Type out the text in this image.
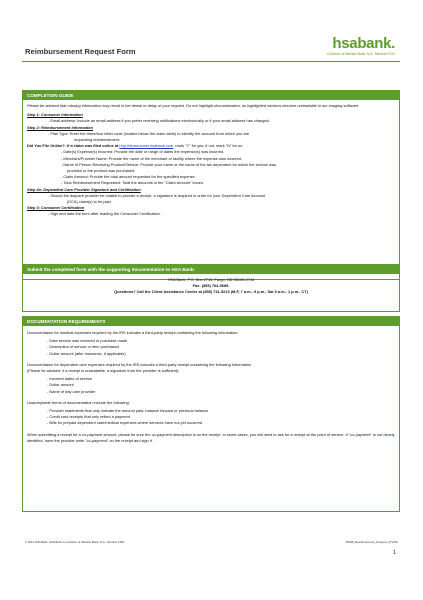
Reimbursement Request Form	hsabank.
A Division of Webster Bank, N.A., Member FDIC
COMPLETION GUIDE

Please be advised that missing information may result in the denial or delay of your request. Do not highlight documentation, as highlighted sections become unreadable in our imaging software.

Step 1: Consumer Information

- Email address: Include an email address if you prefer receiving notifications electronically or if your email address has changed.

Step 2: Reimbursement Information

- Plan Type: Enter the three/four letter code (located below the claim table) to identify the account from which you are

requesting reimbursement.

Did You File Online?: If a claim was filed online at http://hbaccounts.hsabank.com, mark "Y" for yes; if not, mark "N" for no.

- Date(s) Expense(s) Incurred: Provide the date or range of dates the expense(s) was incurred.

- Merchant/Provider Name: Provide the name of the merchant or facility where the expense was incurred.

- Name of Person Receiving Product/Service: Provide your name or the name of the tax dependent for which the service was

provided or the product was purchased.

- Claim Amount: Provide the total amount requested for the specified expense.

- Total Reimbursement Requested: Total the amounts in the "Claim Amount" boxes.

Step 2a: Dependent Care Provider Signature and Certification

- Should the daycare provider be unable to provide a receipt, a signature is required in order for your Dependent Care Account

(DCA) claim(s) to be paid.

Step 3: Consumer Certification

- Sign and date the form after reading the Consumer Certification.

Submit the completed form with the supporting documentation to HSA Bank:
HSA Bank, P.O. Box 2744, Fargo, ND 58108-2744
Fax: (855) 764-5689.
Questions? Call the Client Assistance Center at (855) 731-5213 (M-F, 7 a.m.- 9 p.m., Sat 9 a.m.- 1 p.m., CT)
DOCUMENTATION REQUIREMENTS

Documentation for medical expenses required by the IRS includes a third-party receipt containing the following information:

- Date service was received or purchase made

- Description of service or item purchased

- Dollar amount (after insurance, if applicable)

Documentation for dependent care expenses required by the IRS includes a third-party receipt containing the following information

(Please be advised: if a receipt is unavailable, a signature from the provider is sufficient):

- Incurred dates of service

- Dollar amount

- Name of day care provider

Unacceptable forms of documentation include the following:

- Provider statements that only indicate the amount paid, balance forward or previous balance

- Credit card receipts that only reflect a payment

- Bills for prepaid dependent care/medical expenses where services have not yet occurred

When submitting a receipt for a co-payment amount, please be sure the co-payment description is on the receipt. In some cases, you will need to ask for a receipt at the point of service. If "co-payment" is not clearly identified, have the provider write "co-payment" on the receipt and sign it.

© 2014 HSA Bank. HSA Bank is a division of Webster Bank, N.A., Member FDIC	TD998_Reimbursement_Request_0714TA
1
